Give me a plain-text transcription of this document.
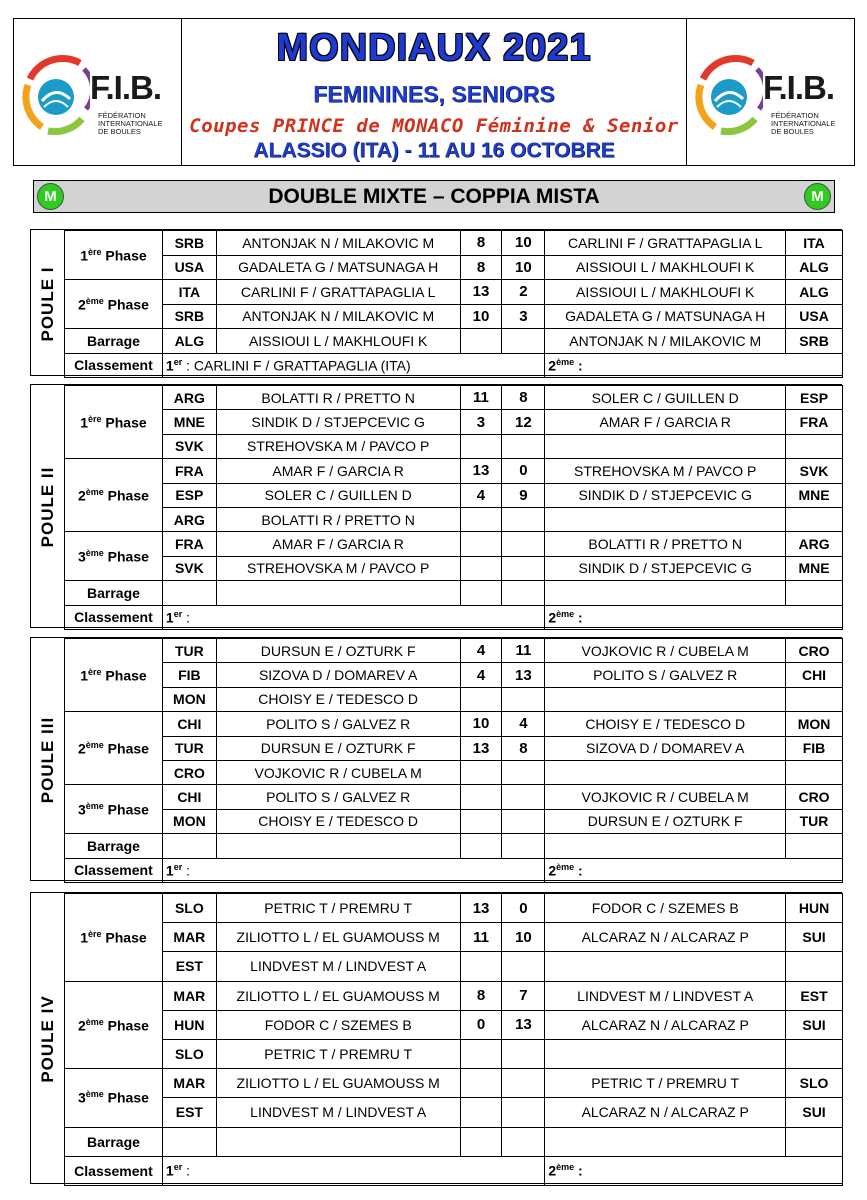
F.I.B.
FÉDÉRATION
INTERNATIONALE
DE BOULES
MONDIAUX 2021
FEMININES, SENIORS
Coupes PRINCE de MONACO Féminine & Senior
ALASSIO (ITA) - 11 AU 16 OCTOBRE
F.I.B.
FÉDÉRATION
INTERNATIONALE
DE BOULES
M	DOUBLE MIXTE – COPPIA MISTA	M
POULE I
1ère Phase	SRB	ANTONJAK N / MILAKOVIC M	8	10	CARLINI F / GRATTAPAGLIA L	ITA
	USA	GADALETA G / MATSUNAGA H	8	10	AISSIOUI L / MAKHLOUFI K	ALG
2ème Phase	ITA	CARLINI F / GRATTAPAGLIA L	13	2	AISSIOUI L / MAKHLOUFI K	ALG
	SRB	ANTONJAK N / MILAKOVIC M	10	3	GADALETA G / MATSUNAGA H	USA
Barrage	ALG	AISSIOUI L / MAKHLOUFI K			ANTONJAK N / MILAKOVIC M	SRB
Classement	1er : CARLINI F / GRATTAPAGLIA (ITA)				2ème :	
POULE II
1ère Phase	ARG	BOLATTI R / PRETTO N	11	8	SOLER C / GUILLEN D	ESP
	MNE	SINDIK D / STJEPCEVIC G	3	12	AMAR F / GARCIA R	FRA
	SVK	STREHOVSKA M / PAVCO P				
2ème Phase	FRA	AMAR F / GARCIA R	13	0	STREHOVSKA M / PAVCO P	SVK
	ESP	SOLER C / GUILLEN D	4	9	SINDIK D / STJEPCEVIC G	MNE
	ARG	BOLATTI R / PRETTO N				
3ème Phase	FRA	AMAR F / GARCIA R			BOLATTI R / PRETTO N	ARG
	SVK	STREHOVSKA M / PAVCO P			SINDIK D / STJEPCEVIC G	MNE
Barrage						
Classement	1er :				2ème :	
POULE III
1ère Phase	TUR	DURSUN E / OZTURK F	4	11	VOJKOVIC R / CUBELA M	CRO
	FIB	SIZOVA D / DOMAREV A	4	13	POLITO S / GALVEZ R	CHI
	MON	CHOISY E / TEDESCO D				
2ème Phase	CHI	POLITO S / GALVEZ R	10	4	CHOISY E / TEDESCO D	MON
	TUR	DURSUN E / OZTURK F	13	8	SIZOVA D / DOMAREV A	FIB
	CRO	VOJKOVIC R / CUBELA M				
3ème Phase	CHI	POLITO S / GALVEZ R			VOJKOVIC R / CUBELA M	CRO
	MON	CHOISY E / TEDESCO D			DURSUN E / OZTURK F	TUR
Barrage						
Classement	1er :				2ème :	
POULE IV
1ère Phase	SLO	PETRIC T / PREMRU T	13	0	FODOR C / SZEMES B	HUN
	MAR	ZILIOTTO L / EL GUAMOUSS M	11	10	ALCARAZ N / ALCARAZ P	SUI
	EST	LINDVEST M / LINDVEST A				
2ème Phase	MAR	ZILIOTTO L / EL GUAMOUSS M	8	7	LINDVEST M / LINDVEST A	EST
	HUN	FODOR C / SZEMES B	0	13	ALCARAZ N / ALCARAZ P	SUI
	SLO	PETRIC T / PREMRU T				
3ème Phase	MAR	ZILIOTTO L / EL GUAMOUSS M			PETRIC T / PREMRU T	SLO
	EST	LINDVEST M / LINDVEST A			ALCARAZ N / ALCARAZ P	SUI
Barrage						
Classement	1er :				2ème :	
